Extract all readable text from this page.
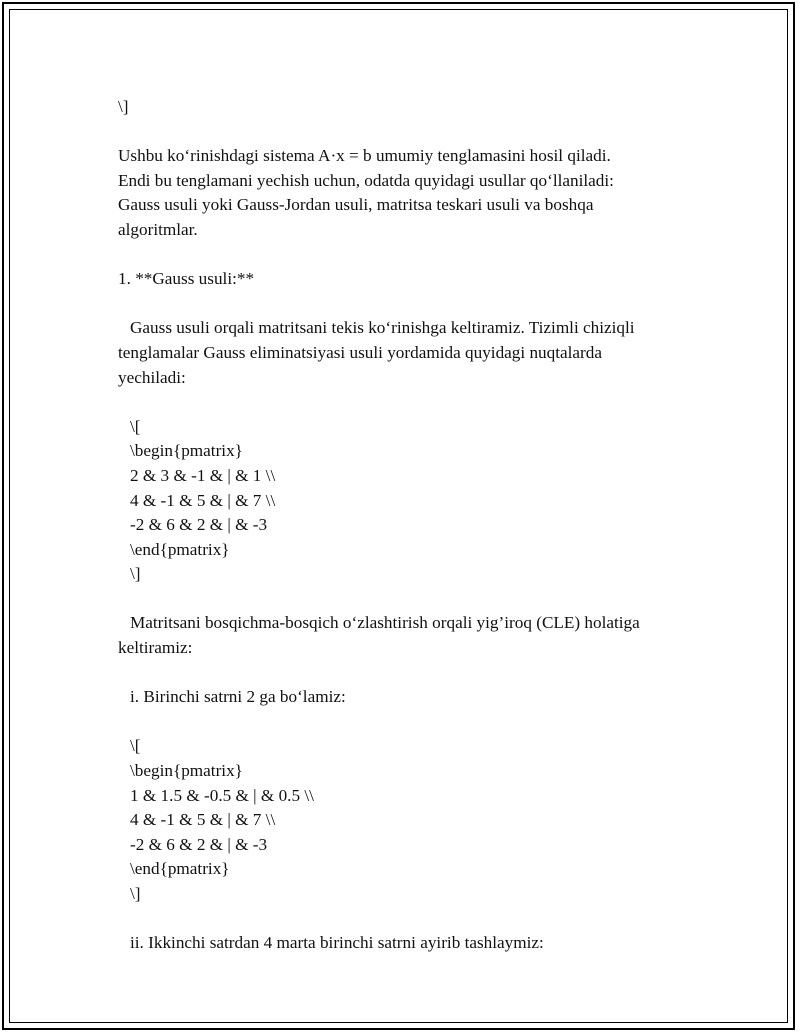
\]
Ushbu ko‘rinishdagi sistema A·x = b umumiy tenglamasini hosil qiladi.
Endi bu tenglamani yechish uchun, odatda quyidagi usullar qo‘llaniladi:
Gauss usuli yoki Gauss-Jordan usuli, matritsa teskari usuli va boshqa
algoritmlar.
1. **Gauss usuli:**
Gauss usuli orqali matritsani tekis ko‘rinishga keltiramiz. Tizimli chiziqli
tenglamalar Gauss eliminatsiyasi usuli yordamida quyidagi nuqtalarda
yechiladi:
\[
\begin{pmatrix}
2 & 3 & -1 & | & 1 \\
4 & -1 & 5 & | & 7 \\
-2 & 6 & 2 & | & -3
\end{pmatrix}
\]
Matritsani bosqichma-bosqich o‘zlashtirish orqali yig’iroq (CLE) holatiga
keltiramiz:
i. Birinchi satrni 2 ga bo‘lamiz:
\[
\begin{pmatrix}
1 & 1.5 & -0.5 & | & 0.5 \\
4 & -1 & 5 & | & 7 \\
-2 & 6 & 2 & | & -3
\end{pmatrix}
\]
ii. Ikkinchi satrdan 4 marta birinchi satrni ayirib tashlaymiz:
